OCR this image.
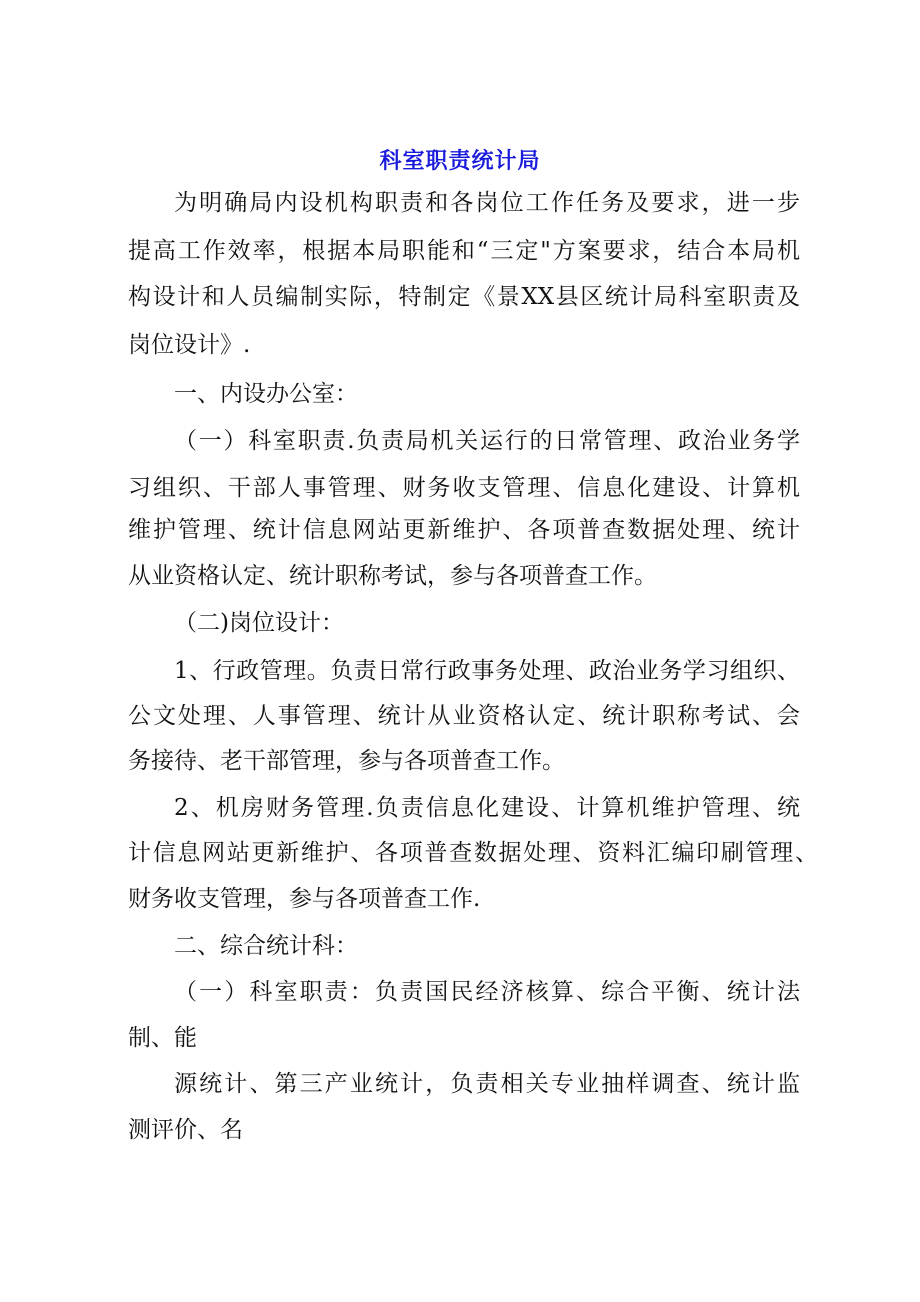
科室职责统计局
为明确局内设机构职责和各岗位工作任务及要求，进一步
提高工作效率，根据本局职能和“三定"方案要求，结合本局机
构设计和人员编制实际，特制定《景XX县区统计局科室职责及
岗位设计》.
一、内设办公室：
（一）科室职责.负责局机关运行的日常管理、政治业务学
习组织、干部人事管理、财务收支管理、信息化建设、计算机
维护管理、统计信息网站更新维护、各项普查数据处理、统计
从业资格认定、统计职称考试，参与各项普查工作。
（二)岗位设计：
1、行政管理。负责日常行政事务处理、政治业务学习组织、
公文处理、人事管理、统计从业资格认定、统计职称考试、会
务接待、老干部管理，参与各项普查工作。
2、机房财务管理.负责信息化建设、计算机维护管理、统
计信息网站更新维护、各项普查数据处理、资料汇编印刷管理、
财务收支管理，参与各项普查工作.
二、综合统计科：
（一）科室职责：负责国民经济核算、综合平衡、统计法
制、能
源统计、第三产业统计，负责相关专业抽样调查、统计监
测评价、名
